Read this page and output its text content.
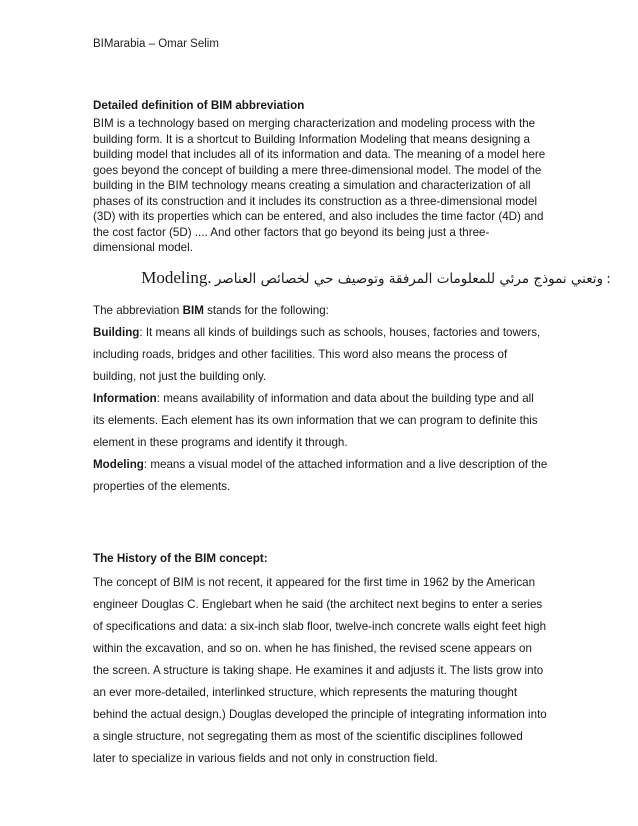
BIMarabia – Omar Selim

Detailed definition of BIM abbreviation

BIM is a technology based on merging characterization and modeling process with the building form. It is a shortcut to Building Information Modeling that means designing a building model that includes all of its information and data. The meaning of a model here goes beyond the concept of building a mere three-dimensional model. The model of the building in the BIM technology means creating a simulation and characterization of all phases of its construction and it includes its construction as a three-dimensional model (3D) with its properties which can be entered, and also includes the time factor (4D) and the cost factor (5D) .... And other factors that go beyond its being just a three-dimensional model.

Modeling. وتعني نموذج مرئي للمعلومات المرفقة وتوصيف حي لخصائص العناصر :

The abbreviation BIM stands for the following:

Building: It means all kinds of buildings such as schools, houses, factories and towers, including roads, bridges and other facilities. This word also means the process of building, not just the building only.

Information: means availability of information and data about the building type and all its elements. Each element has its own information that we can program to definite this element in these programs and identify it through.

Modeling: means a visual model of the attached information and a live description of the properties of the elements.

The History of the BIM concept:

The concept of BIM is not recent, it appeared for the first time in 1962 by the American engineer Douglas C. Englebart when he said (the architect next begins to enter a series of specifications and data: a six-inch slab floor, twelve-inch concrete walls eight feet high within the excavation, and so on. when he has finished, the revised scene appears on the screen. A structure is taking shape. He examines it and adjusts it. The lists grow into an ever more-detailed, interlinked structure, which represents the maturing thought behind the actual design.) Douglas developed the principle of integrating information into a single structure, not segregating them as most of the scientific disciplines followed later to specialize in various fields and not only in construction field.
